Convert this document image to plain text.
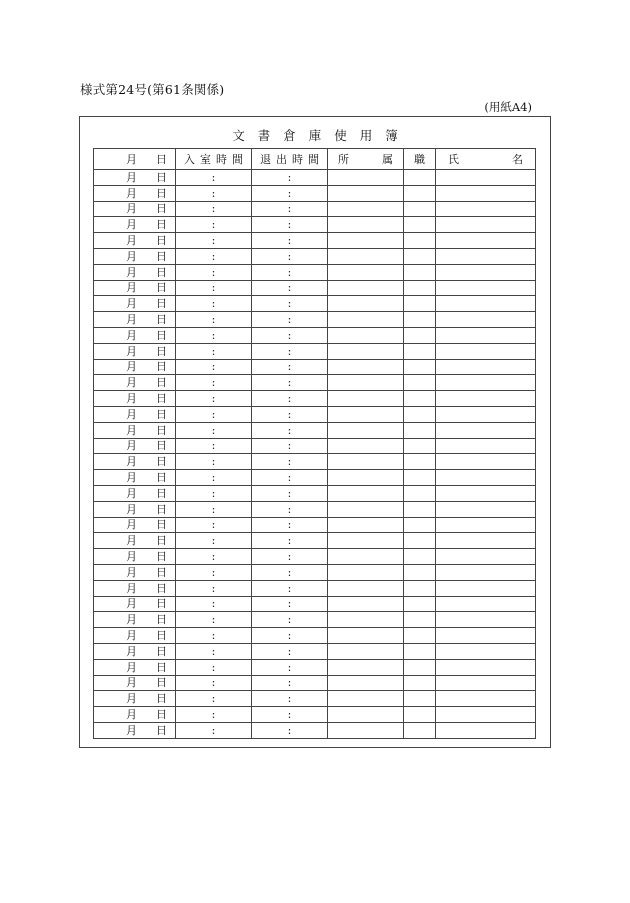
様式第24号(第61条関係)
(用紙A4)
文書倉庫使用簿
月 日	入 室 時 間	退 出 時 間	所 属	職	氏 名

月 日	:	:			

月 日	:	:			

月 日	:	:			

月 日	:	:			

月 日	:	:			

月 日	:	:			

月 日	:	:			

月 日	:	:			

月 日	:	:			

月 日	:	:			

月 日	:	:			

月 日	:	:			

月 日	:	:			

月 日	:	:			

月 日	:	:			

月 日	:	:			

月 日	:	:			

月 日	:	:			

月 日	:	:			

月 日	:	:			

月 日	:	:			

月 日	:	:			

月 日	:	:			

月 日	:	:			

月 日	:	:			

月 日	:	:			

月 日	:	:			

月 日	:	:			

月 日	:	:			

月 日	:	:			

月 日	:	:			

月 日	:	:			

月 日	:	:			

月 日	:	:			

月 日	:	:			

月 日	:	:			
